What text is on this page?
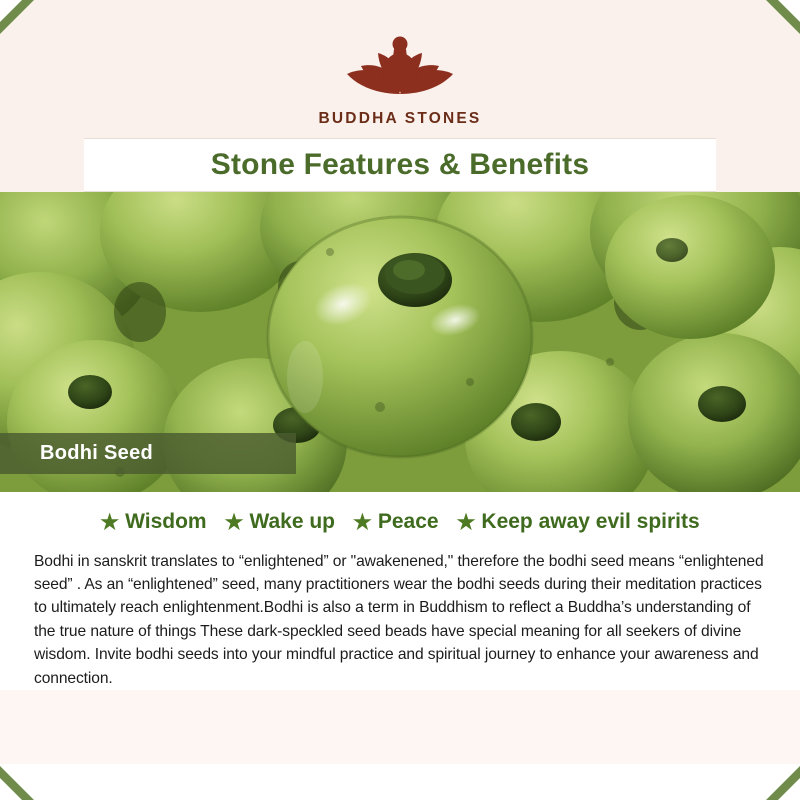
BUDDHA STONES
Stone Features & Benefits
Bodhi Seed
★ Wisdom ★ Wake up ★ Peace ★ Keep away evil spirits

Bodhi in sanskrit translates to “enlightened” or "awakenened," therefore the bodhi seed means “enlightened seed” . As an “enlightened” seed, many practitioners wear the bodhi seeds during their meditation practices to ultimately reach enlightenment.Bodhi is also a term in Buddhism to reflect a Buddha’s understanding of the true nature of things These dark-speckled seed beads have special meaning for all seekers of divine wisdom. Invite bodhi seeds into your mindful practice and spiritual journey to enhance your awareness and connection.
